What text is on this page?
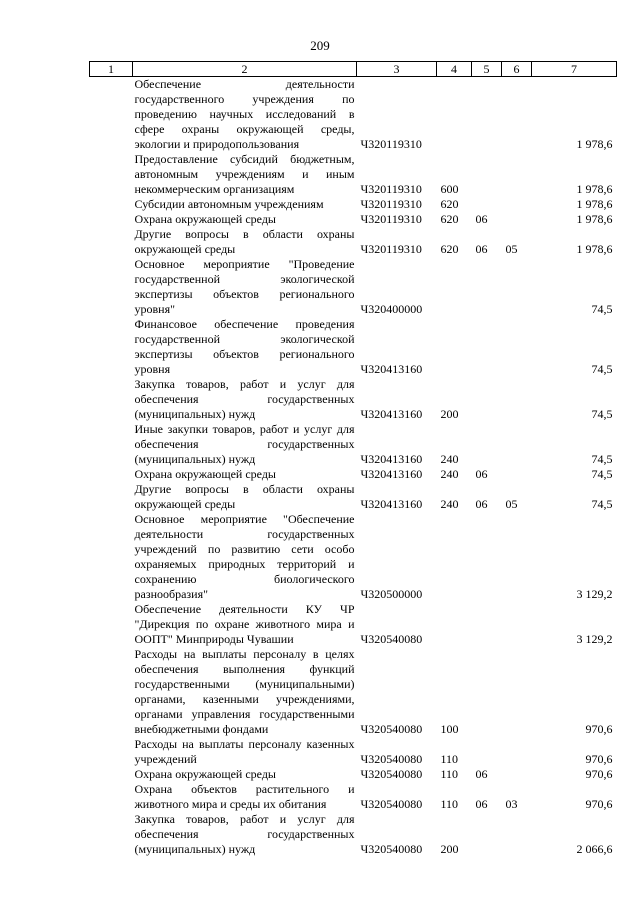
209
1	2	3	4	5	6	7
	Обеспечение деятельности государственного учреждения по проведению научных исследований в сфере охраны окружающей среды, экологии и природопользования	Ч320119310				1 978,6
	Предоставление субсидий бюджетным, автономным учреждениям и иным некоммерческим организациям	Ч320119310	600			1 978,6
	Субсидии автономным учреждениям	Ч320119310	620			1 978,6
	Охрана окружающей среды	Ч320119310	620	06		1 978,6
	Другие вопросы в области охраны окружающей среды	Ч320119310	620	06	05	1 978,6
	Основное мероприятие "Проведение государственной экологической экспертизы объектов регионального уровня"	Ч320400000				74,5
	Финансовое обеспечение проведения государственной экологической экспертизы объектов регионального уровня	Ч320413160				74,5
	Закупка товаров, работ и услуг для обеспечения государственных (муниципальных) нужд	Ч320413160	200			74,5
	Иные закупки товаров, работ и услуг для обеспечения государственных (муниципальных) нужд	Ч320413160	240			74,5
	Охрана окружающей среды	Ч320413160	240	06		74,5
	Другие вопросы в области охраны окружающей среды	Ч320413160	240	06	05	74,5
	Основное мероприятие "Обеспечение деятельности государственных учреждений по развитию сети особо охраняемых природных территорий и сохранению биологического разнообразия"	Ч320500000				3 129,2
	Обеспечение деятельности КУ ЧР "Дирекция по охране животного мира и ООПТ" Минприроды Чувашии	Ч320540080				3 129,2
	Расходы на выплаты персоналу в целях обеспечения выполнения функций государственными (муниципальными) органами, казенными учреждениями, органами управления государственными внебюджетными фондами	Ч320540080	100			970,6
	Расходы на выплаты персоналу казенных учреждений	Ч320540080	110			970,6
	Охрана окружающей среды	Ч320540080	110	06		970,6
	Охрана объектов растительного и животного мира и среды их обитания	Ч320540080	110	06	03	970,6
	Закупка товаров, работ и услуг для обеспечения государственных (муниципальных) нужд	Ч320540080	200			2 066,6
